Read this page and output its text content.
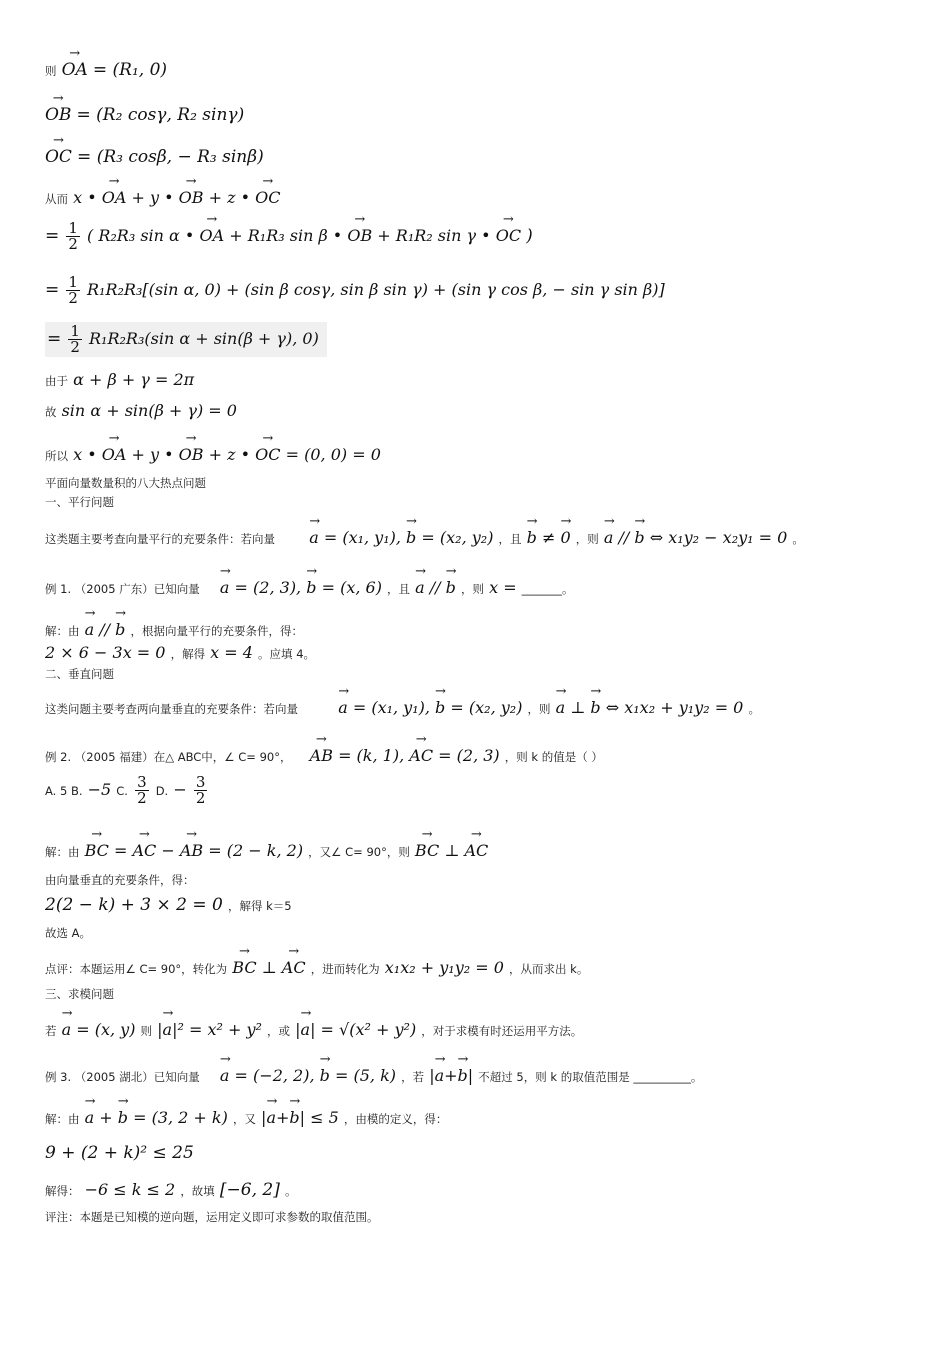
则 → OA = (R₁, 0)
→ OB = (R₂ cosγ, R₂ sinγ)
→ OC = (R₃ cosβ, − R₃ sinβ)
从而 x • → OA + y • → OB + z • → OC
= $\frac{1}{2}$ ( R₂R₃ sin α • → OA + R₁R₃ sin β • → OB + R₁R₂ sin γ • → OC )
= $\frac{1}{2} R_1R_2R_3[(\sin$ α, 0) + (sin β cosγ, sin β sin γ) + (sin γ cos β, − sin γ sin β)]
= $\frac{1}{2} R_1R_2R_3(\sin$ α + sin(β + γ), 0)
由于 α + β + γ = 2π
故 sin α + sin(β + γ) = 0
所以 x • → OA + y • → OB + z • → OC = (0, 0) = 0
平面向量数量积的八大热点问题
一、平行问题
这类题主要考查向量平行的充要条件：若向量 → a = (x₁, y₁), → b = (x₂, y₂) ，且 → b ≠ → 0 ，则 → a // → b ⇔ x₁y₂ − x₂y₁ = 0 。
例 1. （2005 广东）已知向量 → a = (2, 3), → b = (x, 6) ，且 → a // → b ，则 x = _______。
解：由 → a // → b ，根据向量平行的充要条件，得：
2 × 6 − 3x = 0 ，解得 x = 4 。应填 4。
二、垂直问题
这类问题主要考查两向量垂直的充要条件：若向量	→ a = (x₁, y₁), → b = (x₂, y₂) ，则 → a ⊥ → b ⇔ x₁x₂ + y₁y₂ = 0 。
例 2. （2005 福建）在△ ABC中，∠ C= 90°， → AB = (k, 1), → AC = (2, 3) ，则 k 的值是（ ）
A. 5 B. −5 C. $\frac{3}{2} D$. − $\frac{3}{2}$
解：由 → BC = → AC − → AB = (2 − k, 2) ，又∠ C= 90°，则 → BC ⊥ → AC
由向量垂直的充要条件，得：
2(2 − k) + 3 × 2 = 0 ，解得 k＝5
故选 A。
点评：本题运用∠ C= 90°，转化为 → BC ⊥ → AC ，进而转化为 x₁x₂ + y₁y₂ = 0 ，从而求出 k。
三、求模问题
若 → a = (x, y) 则 |→ a|² = x² + y² ，或 |→ a| = √(x² + y²) ，对于求模有时还运用平方法。
例 3. （2005 湖北）已知向量 → a = (−2, 2), → b = (5, k) ，若 |→ a+→ b| 不超过 5，则 k 的取值范围是 __________。
解：由 → a + → b = (3, 2 + k) ，又 |→ a+→ b| ≤ 5 ，由模的定义，得：
9 + (2 + k)² ≤ 25
解得： −6 ≤ k ≤ 2 ，故填 [−6, 2] 。
评注：本题是已知模的逆向题，运用定义即可求参数的取值范围。
